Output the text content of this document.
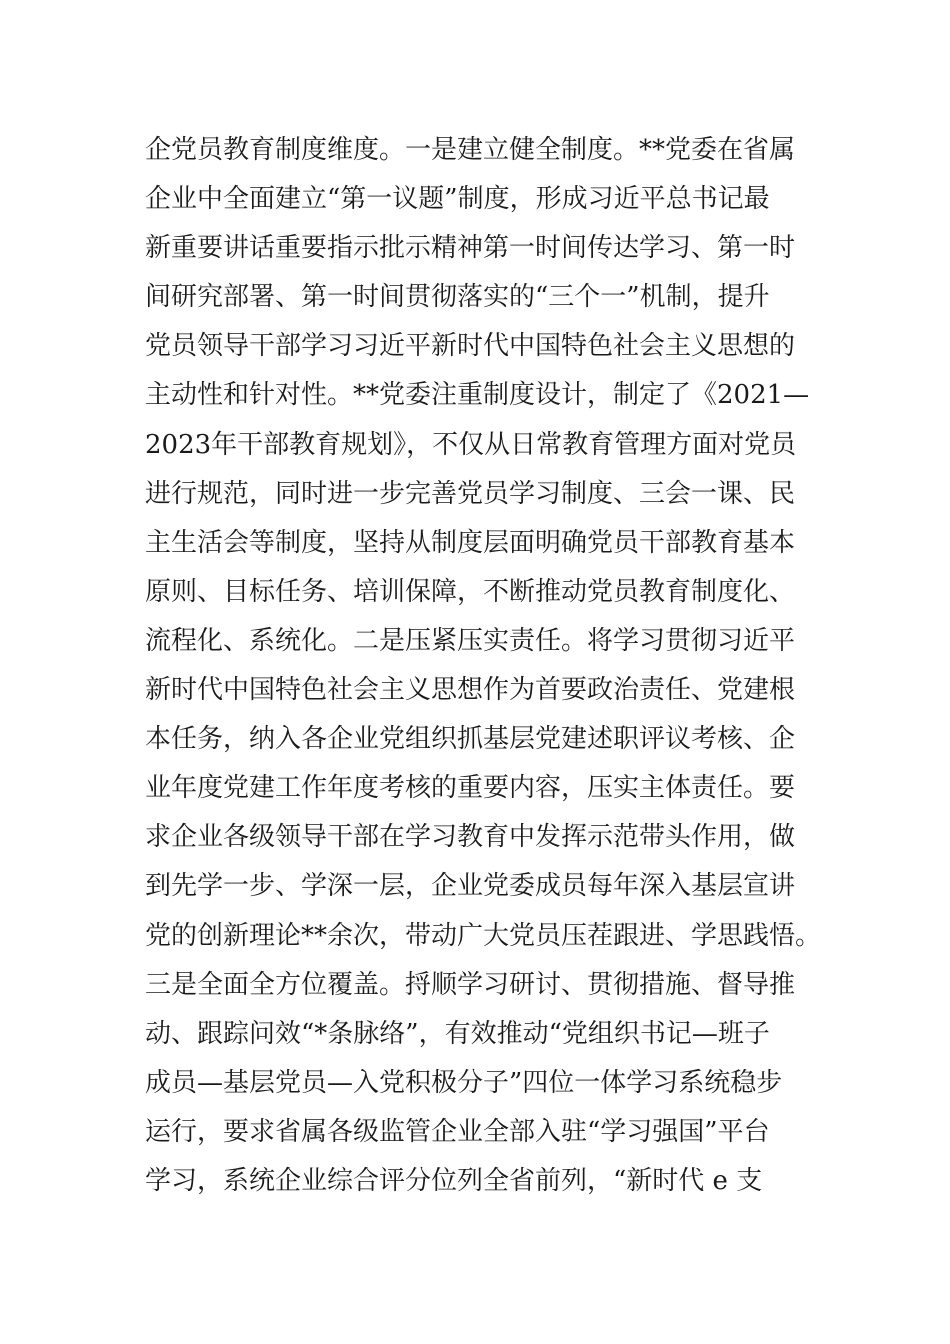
企党员教育制度维度。一是建立健全制度。**党委在省属
企业中全面建立“第一议题”制度，形成习近平总书记最
新重要讲话重要指示批示精神第一时间传达学习、第一时
间研究部署、第一时间贯彻落实的“三个一”机制，提升
党员领导干部学习习近平新时代中国特色社会主义思想的
主动性和针对性。**党委注重制度设计，制定了《2021—
2023年干部教育规划》，不仅从日常教育管理方面对党员
进行规范，同时进一步完善党员学习制度、三会一课、民
主生活会等制度，坚持从制度层面明确党员干部教育基本
原则、目标任务、培训保障，不断推动党员教育制度化、
流程化、系统化。二是压紧压实责任。将学习贯彻习近平
新时代中国特色社会主义思想作为首要政治责任、党建根
本任务，纳入各企业党组织抓基层党建述职评议考核、企
业年度党建工作年度考核的重要内容，压实主体责任。要
求企业各级领导干部在学习教育中发挥示范带头作用，做
到先学一步、学深一层，企业党委成员每年深入基层宣讲
党的创新理论**余次，带动广大党员压茬跟进、学思践悟。
三是全面全方位覆盖。捋顺学习研讨、贯彻措施、督导推
动、跟踪问效“*条脉络”，有效推动“党组织书记—班子
成员—基层党员—入党积极分子”四位一体学习系统稳步
运行，要求省属各级监管企业全部入驻“学习强国”平台
学习，系统企业综合评分位列全省前列，“新时代 e 支
